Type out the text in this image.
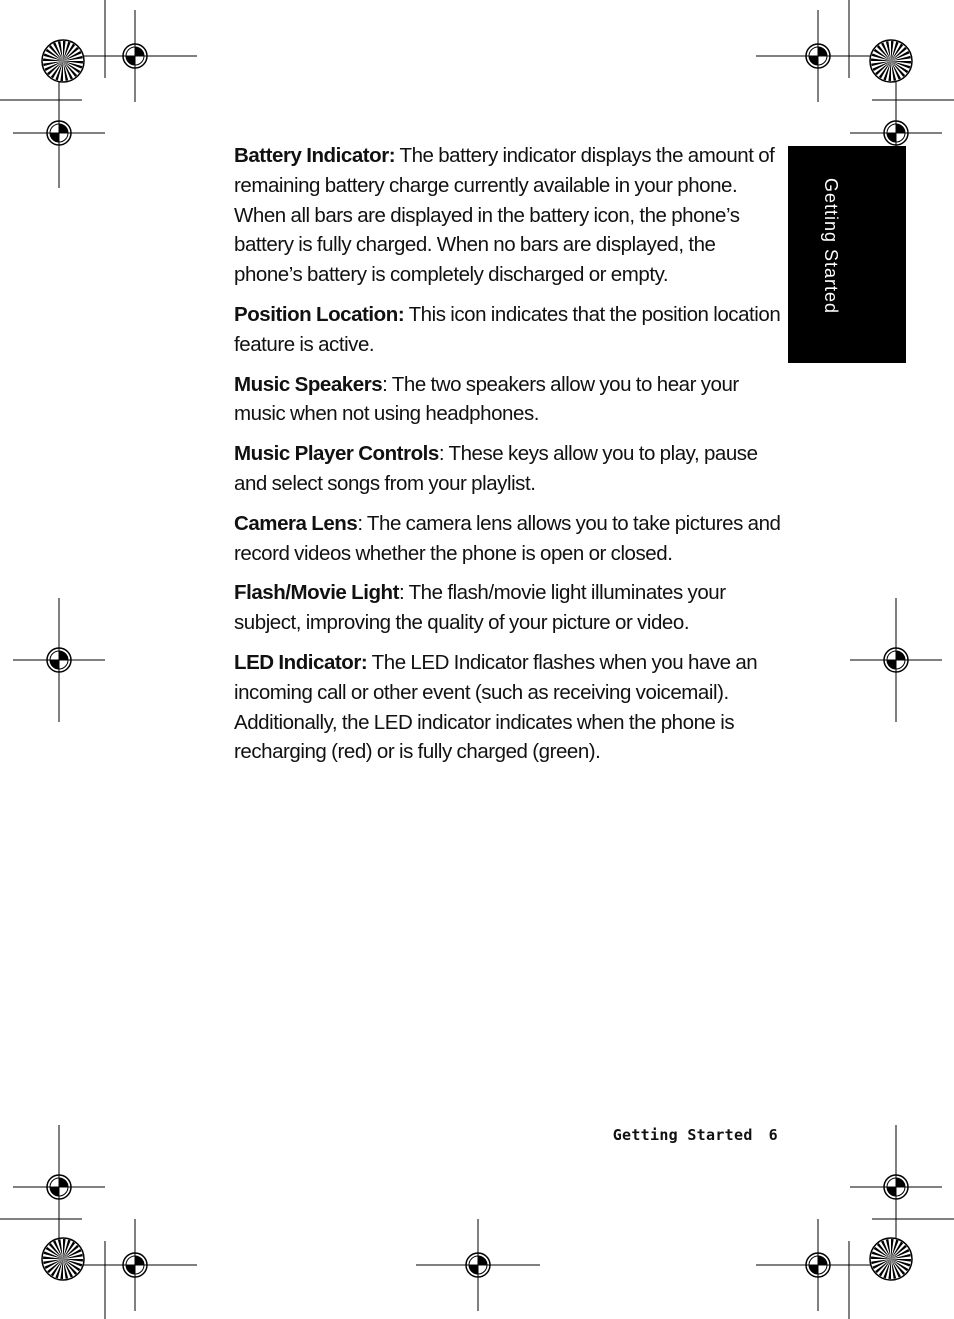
Getting Started

Battery Indicator: The battery indicator displays the amount of remaining battery charge currently available in your phone. When all bars are displayed in the battery icon, the phone’s battery is fully charged. When no bars are displayed, the phone’s battery is completely discharged or empty.

Position Location: This icon indicates that the position location feature is active.

Music Speakers: The two speakers allow you to hear your music when not using headphones.

Music Player Controls: These keys allow you to play, pause and select songs from your playlist.

Camera Lens: The camera lens allows you to take pictures and record videos whether the phone is open or closed.

Flash/Movie Light: The flash/movie light illuminates your subject, improving the quality of your picture or video.

LED Indicator: The LED Indicator flashes when you have an incoming call or other event (such as receiving voicemail). Additionally, the LED indicator indicates when the phone is recharging (red) or is fully charged (green).

Getting Started 6
